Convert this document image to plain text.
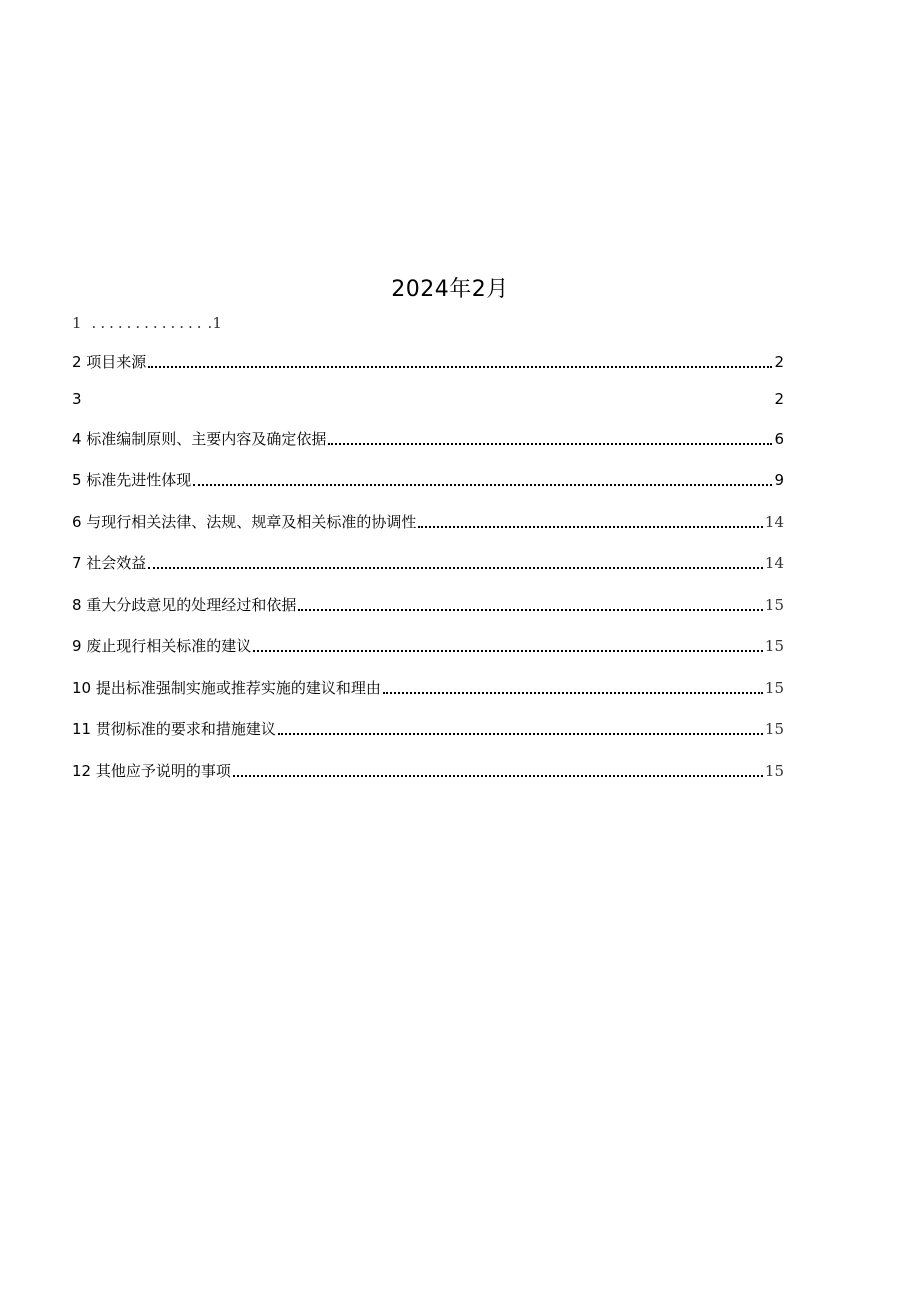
2024年2月
1 ............. .1
2 项目来源	2
3	2
4 标准编制原则、主要内容及确定依据	6
5 标准先进性体现	9
6 与现行相关法律、法规、规章及相关标准的协调性	14
7 社会效益	14
8 重大分歧意见的处理经过和依据	15
9 废止现行相关标准的建议	15
10 提出标准强制实施或推荐实施的建议和理由	15
11 贯彻标准的要求和措施建议	15
12 其他应予说明的事项	15
